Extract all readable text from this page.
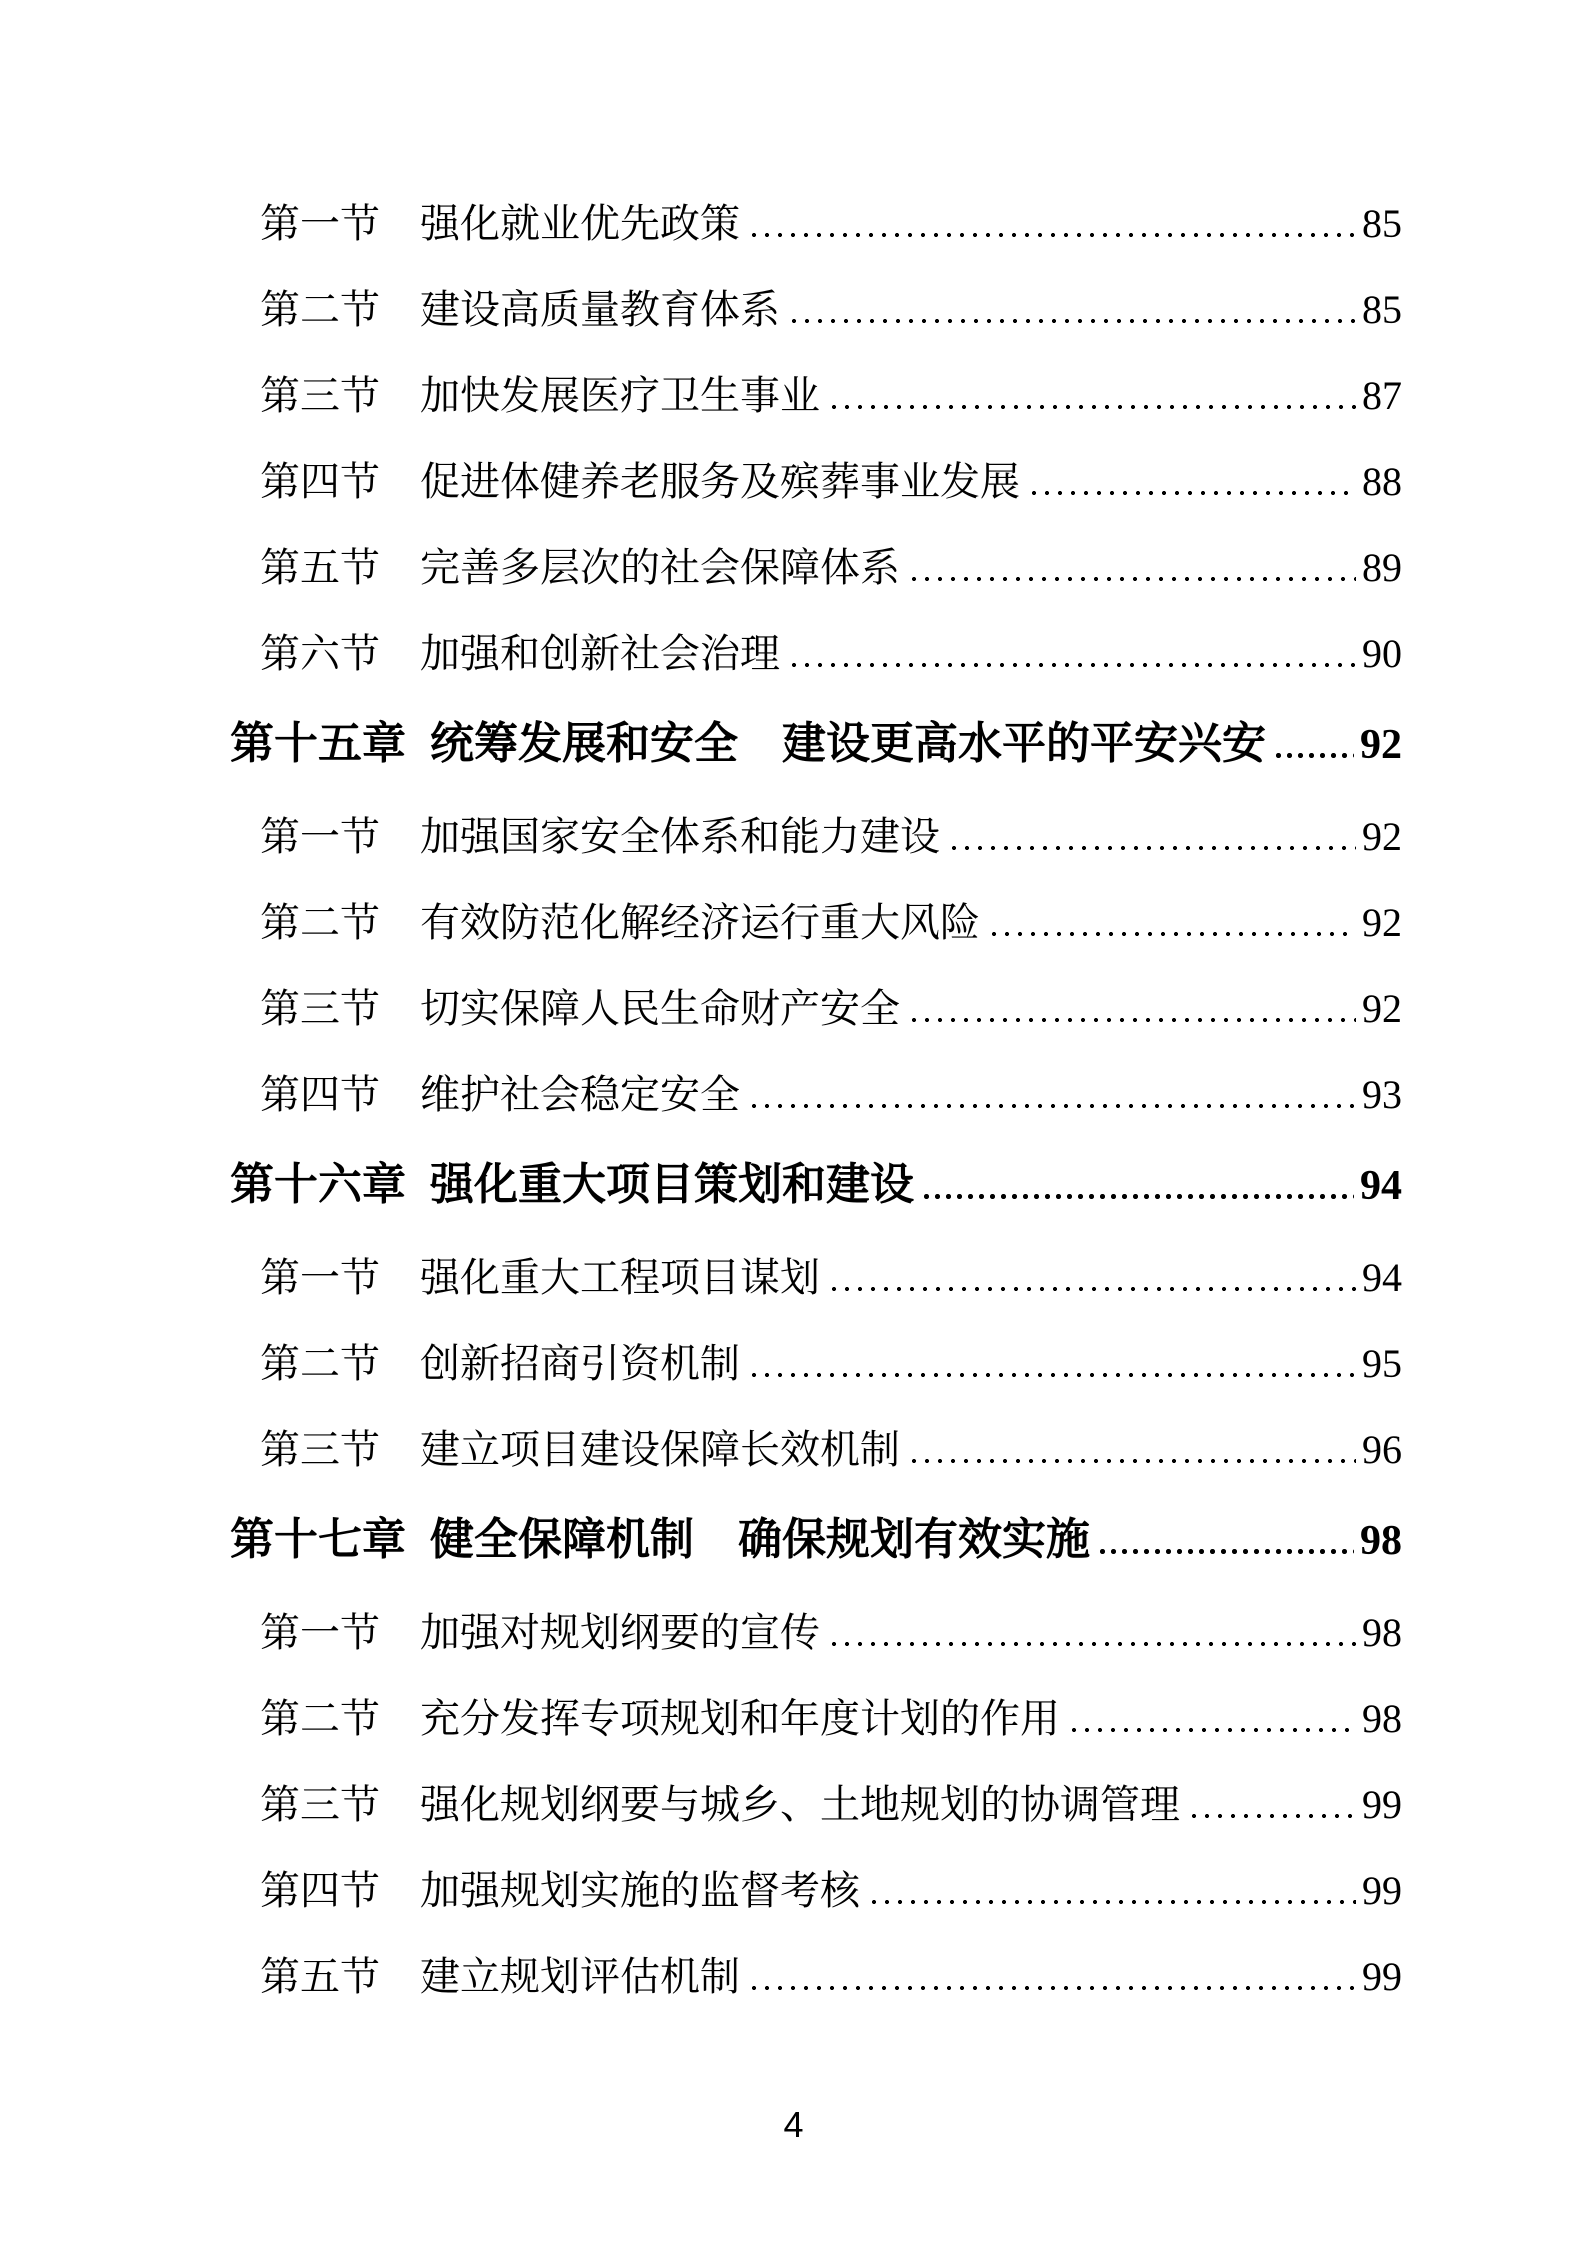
第一节 强化就业优先政策	85
第二节 建设高质量教育体系	85
第三节 加快发展医疗卫生事业	87
第四节 促进体健养老服务及殡葬事业发展	88
第五节 完善多层次的社会保障体系	89
第六节 加强和创新社会治理	90
第十五章 统筹发展和安全　建设更高水平的平安兴安 92
第一节 加强国家安全体系和能力建设	92
第二节 有效防范化解经济运行重大风险	92
第三节 切实保障人民生命财产安全	92
第四节 维护社会稳定安全	93
第十六章 强化重大项目策划和建设	94
第一节 强化重大工程项目谋划	94
第二节 创新招商引资机制	95
第三节 建立项目建设保障长效机制	96
第十七章 健全保障机制　确保规划有效实施	98
第一节 加强对规划纲要的宣传	98
第二节 充分发挥专项规划和年度计划的作用	98
第三节 强化规划纲要与城乡、土地规划的协调管理	99
第四节 加强规划实施的监督考核	99
第五节 建立规划评估机制	99
4
